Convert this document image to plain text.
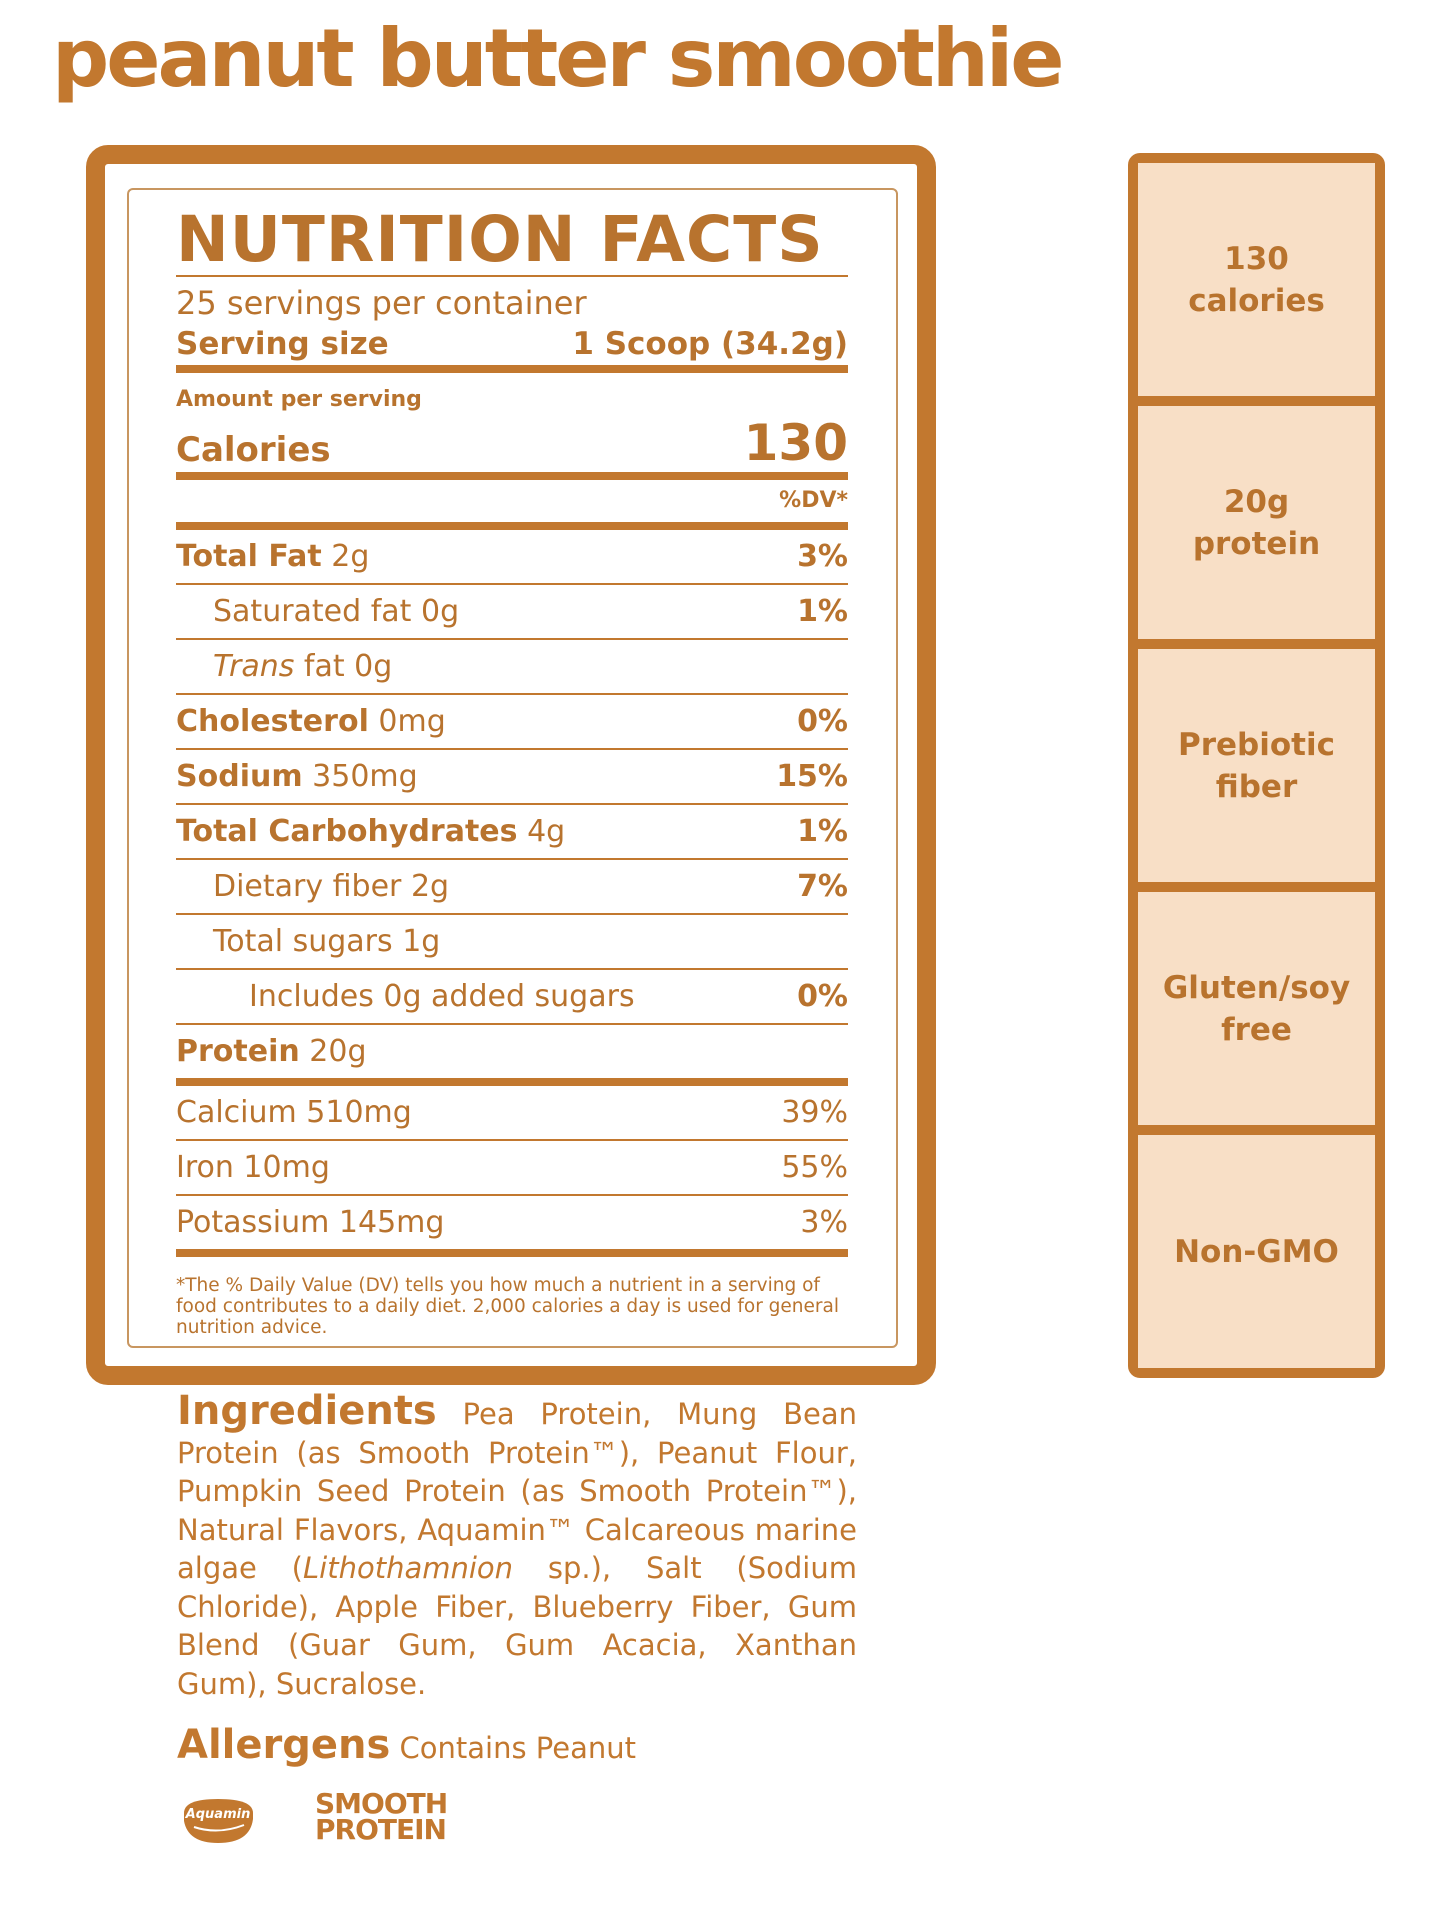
peanut butter smoothie
NUTRITION FACTS
25 servings per container
Serving size	1 Scoop (34.2g)
Amount per serving
Calories	130
%DV*
Total Fat 2g	3%
Saturated fat 0g	1%
Trans fat 0g
Cholesterol 0mg	0%
Sodium 350mg	15%
Total Carbohydrates 4g	1%
Dietary fiber 2g	7%
Total sugars 1g
Includes 0g added sugars	0%
Protein 20g
Calcium 510mg	39%
Iron 10mg	55%
Potassium 145mg	3%
*The % Daily Value (DV) tells you how much a nutrient in a serving of food contributes to a daily diet. 2,000 calories a day is used for general nutrition advice.
Ingredients Pea Protein, Mung Bean Protein (as Smooth Protein™), Peanut Flour, Pumpkin Seed Protein (as Smooth Protein™), Natural Flavors, Aquamin™ Calcareous marine algae (Lithothamnion sp.), Salt (Sodium Chloride), Apple Fiber, Blueberry Fiber, Gum Blend (Guar Gum, Gum Acacia, Xanthan Gum), Sucralose.
Allergens Contains Peanut
Aquamin SMOOTH
PROTEIN
130
calories
20g
protein
Prebiotic
fiber
Gluten/soy
free
Non-GMO
